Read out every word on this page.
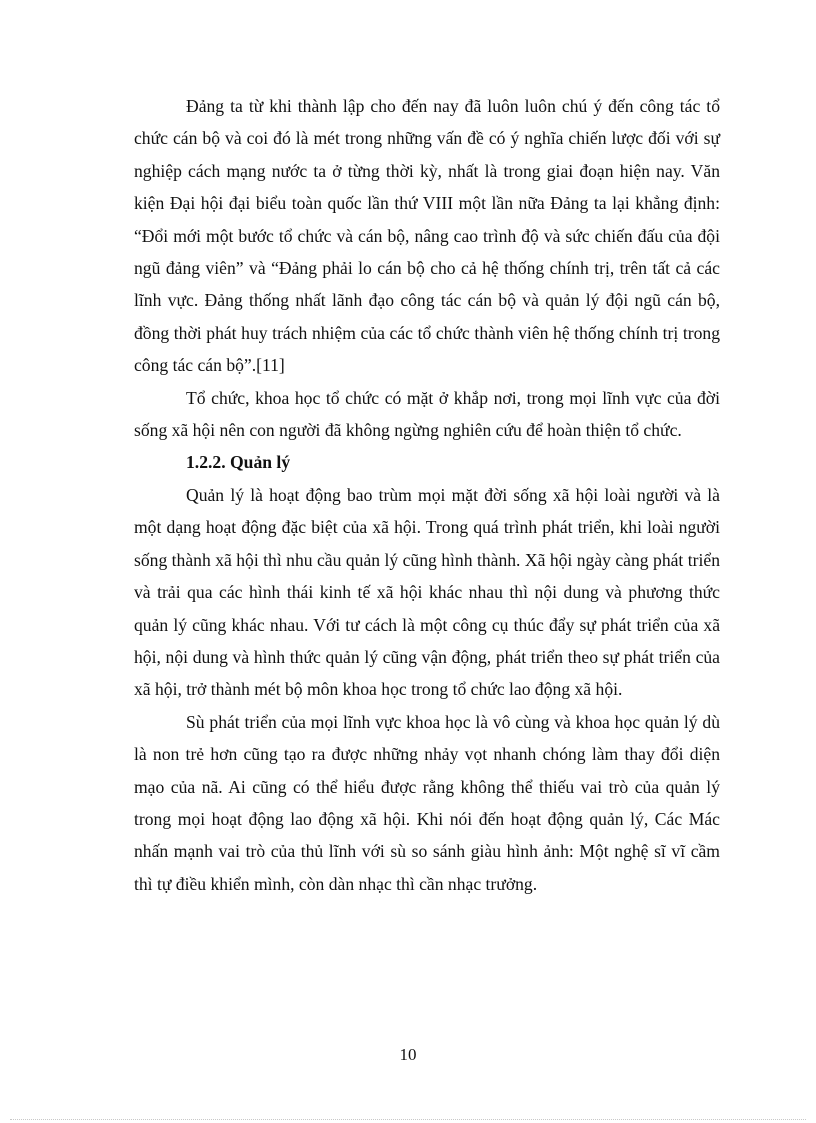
Đảng ta từ khi thành lập cho đến nay đã luôn luôn chú ý đến công tác tổ chức cán bộ và coi đó là mét trong những vấn đề có ý nghĩa chiến lược đối với sự nghiệp cách mạng nước ta ở từng thời kỳ, nhất là trong giai đoạn hiện nay. Văn kiện Đại hội đại biểu toàn quốc lần thứ VIII một lần nữa Đảng ta lại khẳng định: “Đổi mới một bước tổ chức và cán bộ, nâng cao trình độ và sức chiến đấu của đội ngũ đảng viên” và “Đảng phải lo cán bộ cho cả hệ thống chính trị, trên tất cả các lĩnh vực. Đảng thống nhất lãnh đạo công tác cán bộ và quản lý đội ngũ cán bộ, đồng thời phát huy trách nhiệm của các tổ chức thành viên hệ thống chính trị trong công tác cán bộ”.[11]

Tổ chức, khoa học tổ chức có mặt ở khắp nơi, trong mọi lĩnh vực của đời sống xã hội nên con người đã không ngừng nghiên cứu để hoàn thiện tổ chức.

1.2.2. Quản lý

Quản lý là hoạt động bao trùm mọi mặt đời sống xã hội loài người và là một dạng hoạt động đặc biệt của xã hội. Trong quá trình phát triển, khi loài người sống thành xã hội thì nhu cầu quản lý cũng hình thành. Xã hội ngày càng phát triển và trải qua các hình thái kinh tế xã hội khác nhau thì nội dung và phương thức quản lý cũng khác nhau. Với tư cách là một công cụ thúc đẩy sự phát triển của xã hội, nội dung và hình thức quản lý cũng vận động, phát triển theo sự phát triển của xã hội, trở thành mét bộ môn khoa học trong tổ chức lao động xã hội.

Sù phát triển của mọi lĩnh vực khoa học là vô cùng và khoa học quản lý dù là non trẻ hơn cũng tạo ra được những nhảy vọt nhanh chóng làm thay đổi diện mạo của nã. Ai cũng có thể hiểu được rằng không thể thiếu vai trò của quản lý trong mọi hoạt động lao động xã hội. Khi nói đến hoạt động quản lý, Các Mác nhấn mạnh vai trò của thủ lĩnh với sù so sánh giàu hình ảnh: Một nghệ sĩ vĩ cầm thì tự điều khiển mình, còn dàn nhạc thì cần nhạc trưởng.

10
